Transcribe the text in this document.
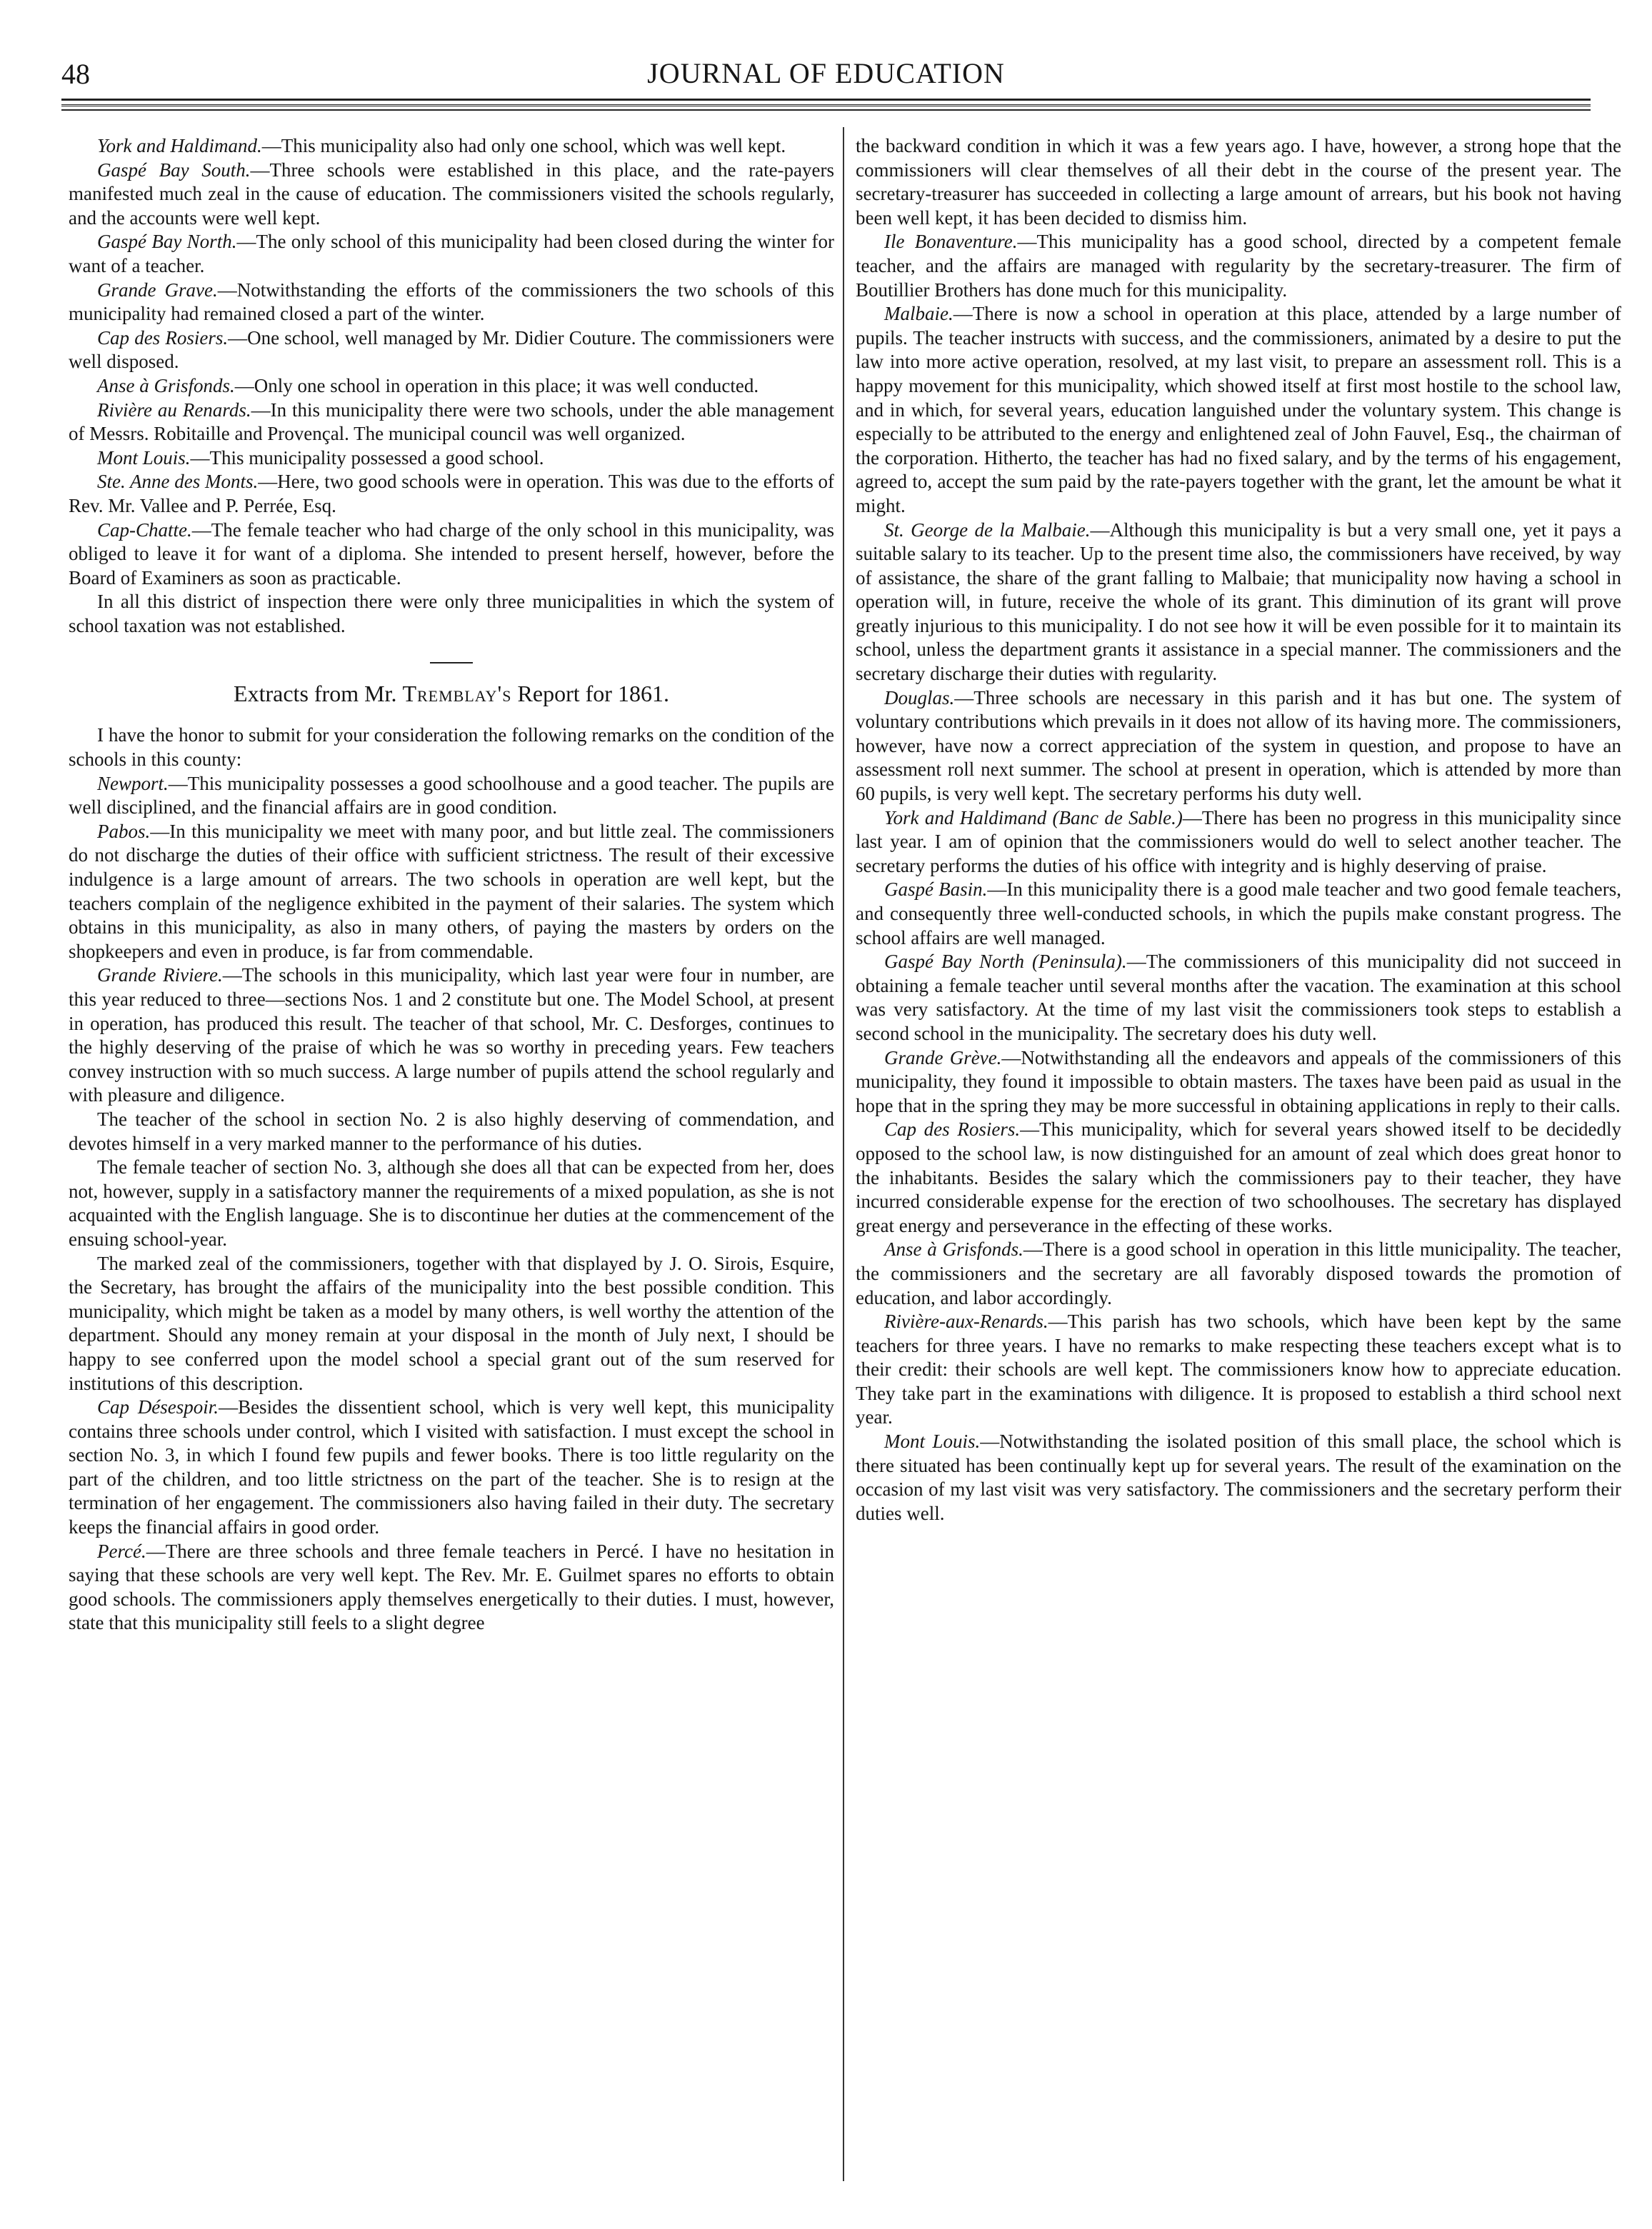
48	JOURNAL OF EDUCATION

York and Haldimand.—This municipality also had only one school, which was well kept.

Gaspé Bay South.—Three schools were established in this place, and the rate-payers manifested much zeal in the cause of education. The commissioners visited the schools regularly, and the accounts were well kept.

Gaspé Bay North.—The only school of this municipality had been closed during the winter for want of a teacher.

Grande Grave.—Notwithstanding the efforts of the commissioners the two schools of this municipality had remained closed a part of the winter.

Cap des Rosiers.—One school, well managed by Mr. Didier Couture. The commissioners were well disposed.

Anse à Grisfonds.—Only one school in operation in this place; it was well conducted.

Rivière au Renards.—In this municipality there were two schools, under the able management of Messrs. Robitaille and Provençal. The municipal council was well organized.

Mont Louis.—This municipality possessed a good school.

Ste. Anne des Monts.—Here, two good schools were in operation. This was due to the efforts of Rev. Mr. Vallee and P. Perrée, Esq.

Cap-Chatte.—The female teacher who had charge of the only school in this municipality, was obliged to leave it for want of a diploma. She intended to present herself, however, before the Board of Examiners as soon as practicable.

In all this district of inspection there were only three municipalities in which the system of school taxation was not established.

Extracts from Mr. Tremblay's Report for 1861.

I have the honor to submit for your consideration the following remarks on the condition of the schools in this county:

Newport.—This municipality possesses a good schoolhouse and a good teacher. The pupils are well disciplined, and the financial affairs are in good condition.

Pabos.—In this municipality we meet with many poor, and but little zeal. The commissioners do not discharge the duties of their office with sufficient strictness. The result of their excessive indulgence is a large amount of arrears. The two schools in operation are well kept, but the teachers complain of the negligence exhibited in the payment of their salaries. The system which obtains in this municipality, as also in many others, of paying the masters by orders on the shopkeepers and even in produce, is far from commendable.

Grande Riviere.—The schools in this municipality, which last year were four in number, are this year reduced to three—sections Nos. 1 and 2 constitute but one. The Model School, at present in operation, has produced this result. The teacher of that school, Mr. C. Desforges, continues to the highly deserving of the praise of which he was so worthy in preceding years. Few teachers convey instruction with so much success. A large number of pupils attend the school regularly and with pleasure and diligence.

The teacher of the school in section No. 2 is also highly deserving of commendation, and devotes himself in a very marked manner to the performance of his duties.

The female teacher of section No. 3, although she does all that can be expected from her, does not, however, supply in a satisfactory manner the requirements of a mixed population, as she is not acquainted with the English language. She is to discontinue her duties at the commencement of the ensuing school-year.

The marked zeal of the commissioners, together with that displayed by J. O. Sirois, Esquire, the Secretary, has brought the affairs of the municipality into the best possible condition. This municipality, which might be taken as a model by many others, is well worthy the attention of the department. Should any money remain at your disposal in the month of July next, I should be happy to see conferred upon the model school a special grant out of the sum reserved for institutions of this description.

Cap Désespoir.—Besides the dissentient school, which is very well kept, this municipality contains three schools under control, which I visited with satisfaction. I must except the school in section No. 3, in which I found few pupils and fewer books. There is too little regularity on the part of the children, and too little strictness on the part of the teacher. She is to resign at the termination of her engagement. The commissioners also having failed in their duty. The secretary keeps the financial affairs in good order.

Percé.—There are three schools and three female teachers in Percé. I have no hesitation in saying that these schools are very well kept. The Rev. Mr. E. Guilmet spares no efforts to obtain good schools. The commissioners apply themselves energetically to their duties. I must, however, state that this municipality still feels to a slight degree

the backward condition in which it was a few years ago. I have, however, a strong hope that the commissioners will clear themselves of all their debt in the course of the present year. The secretary-treasurer has succeeded in collecting a large amount of arrears, but his book not having been well kept, it has been decided to dismiss him.

Ile Bonaventure.—This municipality has a good school, directed by a competent female teacher, and the affairs are managed with regularity by the secretary-treasurer. The firm of Boutillier Brothers has done much for this municipality.

Malbaie.—There is now a school in operation at this place, attended by a large number of pupils. The teacher instructs with success, and the commissioners, animated by a desire to put the law into more active operation, resolved, at my last visit, to prepare an assessment roll. This is a happy movement for this municipality, which showed itself at first most hostile to the school law, and in which, for several years, education languished under the voluntary system. This change is especially to be attributed to the energy and enlightened zeal of John Fauvel, Esq., the chairman of the corporation. Hitherto, the teacher has had no fixed salary, and by the terms of his engagement, agreed to, accept the sum paid by the rate-payers together with the grant, let the amount be what it might.

St. George de la Malbaie.—Although this municipality is but a very small one, yet it pays a suitable salary to its teacher. Up to the present time also, the commissioners have received, by way of assistance, the share of the grant falling to Malbaie; that municipality now having a school in operation will, in future, receive the whole of its grant. This diminution of its grant will prove greatly injurious to this municipality. I do not see how it will be even possible for it to maintain its school, unless the department grants it assistance in a special manner. The commissioners and the secretary discharge their duties with regularity.

Douglas.—Three schools are necessary in this parish and it has but one. The system of voluntary contributions which prevails in it does not allow of its having more. The commissioners, however, have now a correct appreciation of the system in question, and propose to have an assessment roll next summer. The school at present in operation, which is attended by more than 60 pupils, is very well kept. The secretary performs his duty well.

York and Haldimand (Banc de Sable.)—There has been no progress in this municipality since last year. I am of opinion that the commissioners would do well to select another teacher. The secretary performs the duties of his office with integrity and is highly deserving of praise.

Gaspé Basin.—In this municipality there is a good male teacher and two good female teachers, and consequently three well-conducted schools, in which the pupils make constant progress. The school affairs are well managed.

Gaspé Bay North (Peninsula).—The commissioners of this municipality did not succeed in obtaining a female teacher until several months after the vacation. The examination at this school was very satisfactory. At the time of my last visit the commissioners took steps to establish a second school in the municipality. The secretary does his duty well.

Grande Grève.—Notwithstanding all the endeavors and appeals of the commissioners of this municipality, they found it impossible to obtain masters. The taxes have been paid as usual in the hope that in the spring they may be more successful in obtaining applications in reply to their calls.

Cap des Rosiers.—This municipality, which for several years showed itself to be decidedly opposed to the school law, is now distinguished for an amount of zeal which does great honor to the inhabitants. Besides the salary which the commissioners pay to their teacher, they have incurred considerable expense for the erection of two schoolhouses. The secretary has displayed great energy and perseverance in the effecting of these works.

Anse à Grisfonds.—There is a good school in operation in this little municipality. The teacher, the commissioners and the secretary are all favorably disposed towards the promotion of education, and labor accordingly.

Rivière-aux-Renards.—This parish has two schools, which have been kept by the same teachers for three years. I have no remarks to make respecting these teachers except what is to their credit: their schools are well kept. The commissioners know how to appreciate education. They take part in the examinations with diligence. It is proposed to establish a third school next year.

Mont Louis.—Notwithstanding the isolated position of this small place, the school which is there situated has been continually kept up for several years. The result of the examination on the occasion of my last visit was very satisfactory. The commissioners and the secretary perform their duties well.
